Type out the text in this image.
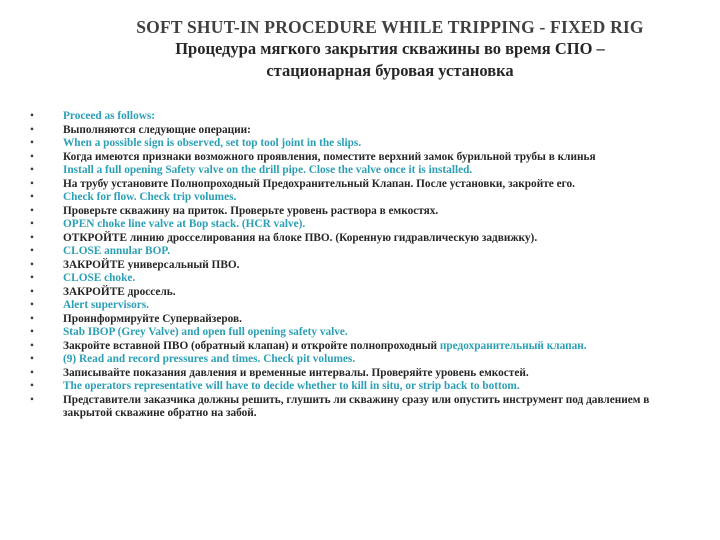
SOFT SHUT-IN PROCEDURE WHILE TRIPPING - FIXED RIG
Процедура мягкого закрытия скважины во время СПО –
стационарная буровая установка
•	Proceed as follows:
•	Выполняются следующие операции:
•	When a possible sign is observed, set top tool joint in the slips.
•	Когда имеются признаки возможного проявления, поместите верхний замок бурильной трубы в клинья
•	Install a full opening Safety valve on the drill pipe. Close the valve once it is installed.
•	На трубу установите Полнопроходный Предохранительный Клапан. После установки, закройте его.
•	Check for flow. Check trip volumes.
•	Проверьте скважину на приток. Проверьте уровень раствора в емкостях.
•	OPEN choke line valve at Bop stack. (HCR valve).
•	ОТКРОЙТЕ линию дросселирования на блоке ПВО. (Коренную гидравлическую задвижку).
•	CLOSE annular BOP.
•	ЗАКРОЙТЕ универсальный ПВО.
•	CLOSE choke.
•	ЗАКРОЙТЕ дроссель.
•	Alert supervisors.
•	Проинформируйте Супервайзеров.
•	Stab IBOP (Grey Valve) and open full opening safety valve.
•	Закройте вставной ПВО (обратный клапан) и откройте полнопроходный предохранительный клапан.
•	(9) Read and record pressures and times. Check pit volumes.
•	Записывайте показания давления и временные интервалы. Проверяйте уровень емкостей.
•	The operators representative will have to decide whether to kill in situ, or strip back to bottom.
•	Представители заказчика должны решить, глушить ли скважину сразу или опустить инструмент под давлением в закрытой скважине обратно на забой.
